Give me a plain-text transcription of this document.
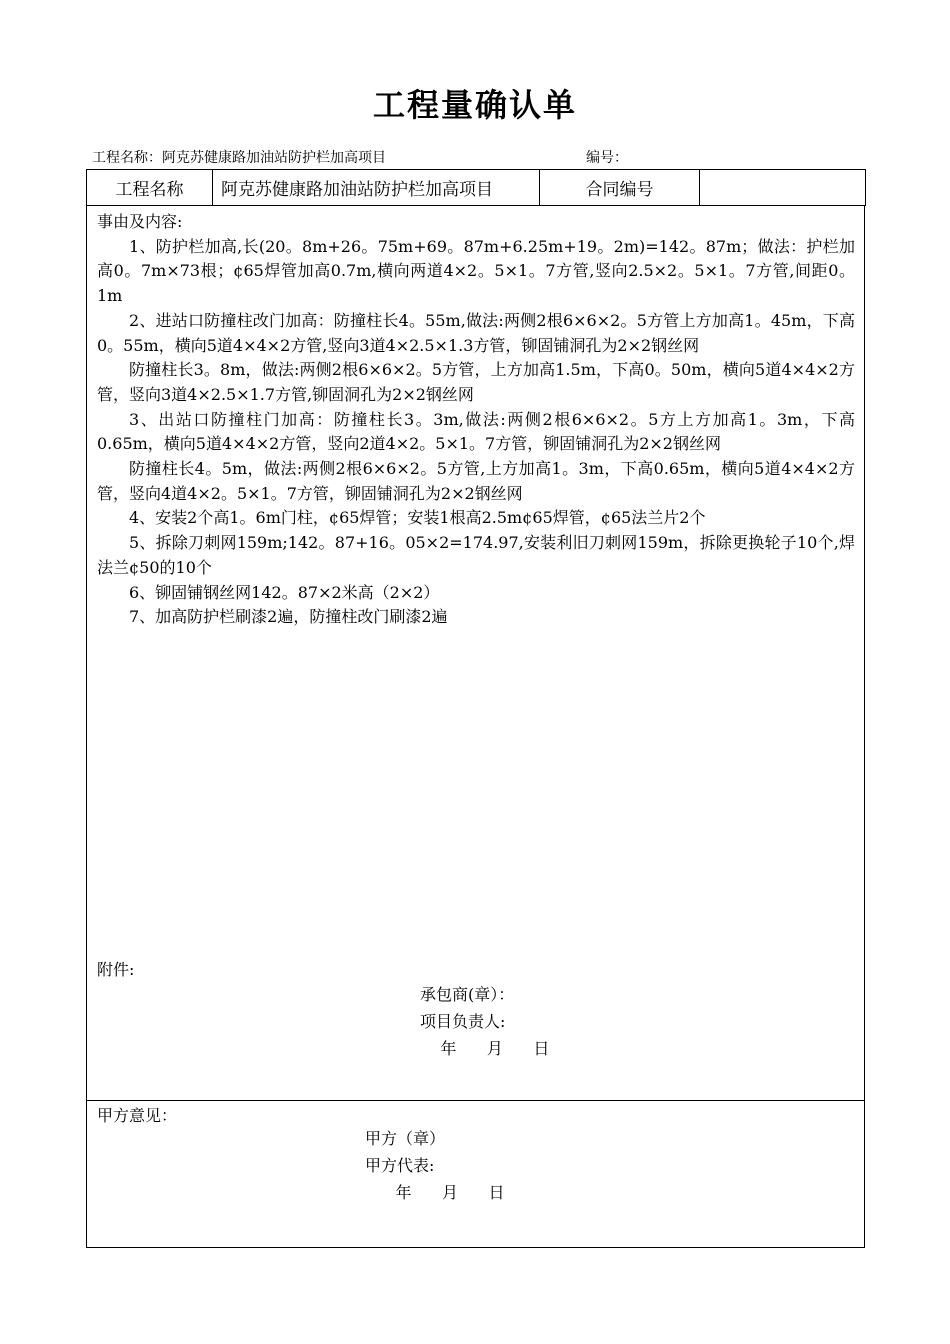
工程量确认单
工程名称：阿克苏健康路加油站防护栏加高项目	编号：
工程名称	阿克苏健康路加油站防护栏加高项目	合同编号	

事由及内容:

1、防护栏加高,长(20。8m+26。75m+69。87m+6.25m+19。2m)=142。87m；做法：护栏加高0。7m×73根；¢65焊管加高0.7m,横向两道4×2。5×1。7方管,竖向2.5×2。5×1。7方管,间距0。1m

2、进站口防撞柱改门加高：防撞柱长4。55m,做法:两侧2根6×6×2。5方管上方加高1。45m，下高0。55m，横向5道4×4×2方管,竖向3道4×2.5×1.3方管，铆固铺洞孔为2×2钢丝网

防撞柱长3。8m，做法:两侧2根6×6×2。5方管，上方加高1.5m，下高0。50m，横向5道4×4×2方管，竖向3道4×2.5×1.7方管,铆固洞孔为2×2钢丝网

3、出站口防撞柱门加高：防撞柱长3。3m,做法:两侧2根6×6×2。5方上方加高1。3m，下高0.65m，横向5道4×4×2方管，竖向2道4×2。5×1。7方管，铆固铺洞孔为2×2钢丝网

防撞柱长4。5m，做法:两侧2根6×6×2。5方管,上方加高1。3m，下高0.65m，横向5道4×4×2方管，竖向4道4×2。5×1。7方管，铆固铺洞孔为2×2钢丝网

4、安装2个高1。6m门柱，¢65焊管；安装1根高2.5m¢65焊管，¢65法兰片2个

5、拆除刀刺网159m;142。87+16。05×2=174.97,安装利旧刀刺网159m，拆除更换轮子10个,焊法兰¢50的10个

6、铆固铺钢丝网142。87×2米高（2×2）

7、加高防护栏刷漆2遍，防撞柱改门刷漆2遍

附件:
承包商(章）：
项目负责人:
年      月      日
甲方意见：
甲方（章）
甲方代表:
年      月      日
